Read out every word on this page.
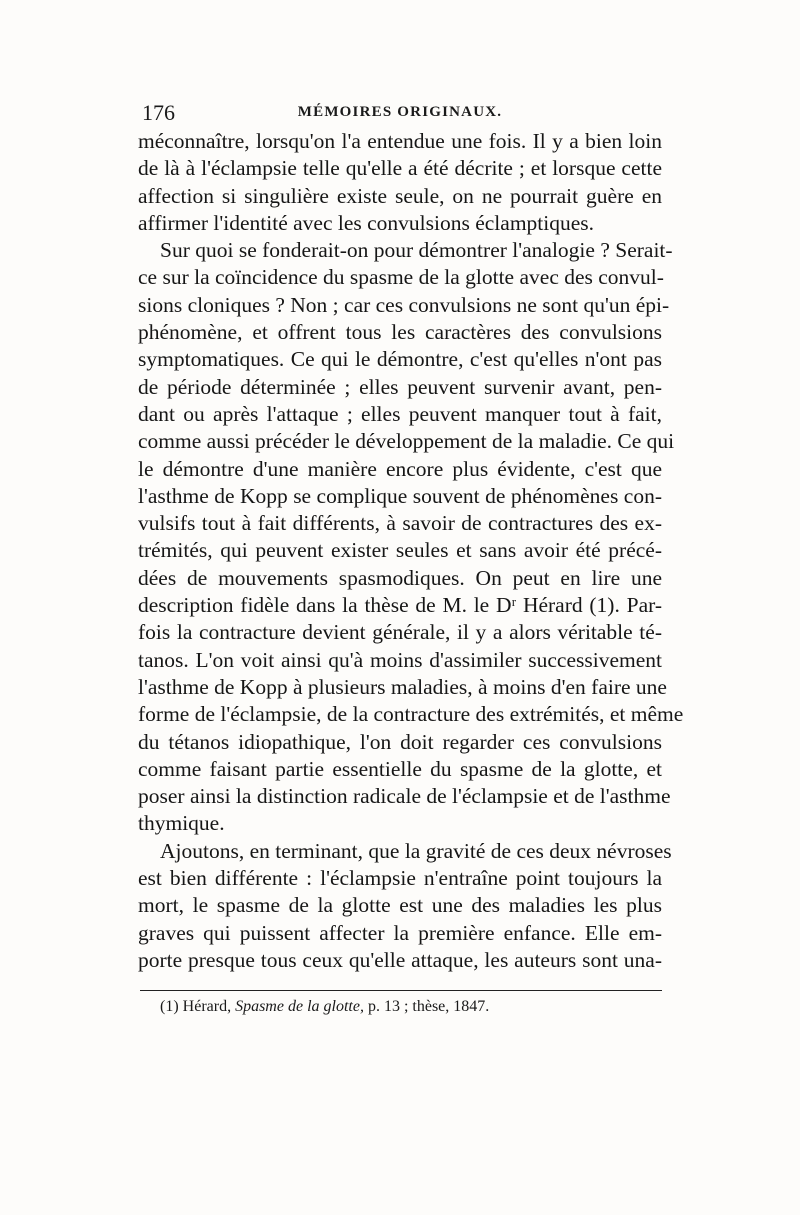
176	MÉMOIRES ORIGINAUX.
méconnaître, lorsqu'on l'a entendue une fois. Il y a bien loin
de là à l'éclampsie telle qu'elle a été décrite ; et lorsque cette
affection si singulière existe seule, on ne pourrait guère en
affirmer l'identité avec les convulsions éclamptiques.
Sur quoi se fonderait-on pour démontrer l'analogie ? Serait-
ce sur la coïncidence du spasme de la glotte avec des convul-
sions cloniques ? Non ; car ces convulsions ne sont qu'un épi-
phénomène, et offrent tous les caractères des convulsions
symptomatiques. Ce qui le démontre, c'est qu'elles n'ont pas
de période déterminée ; elles peuvent survenir avant, pen-
dant ou après l'attaque ; elles peuvent manquer tout à fait,
comme aussi précéder le développement de la maladie. Ce qui
le démontre d'une manière encore plus évidente, c'est que
l'asthme de Kopp se complique souvent de phénomènes con-
vulsifs tout à fait différents, à savoir de contractures des ex-
trémités, qui peuvent exister seules et sans avoir été précé-
dées de mouvements spasmodiques. On peut en lire une
description fidèle dans la thèse de M. le Dʳ Hérard (1). Par-
fois la contracture devient générale, il y a alors véritable té-
tanos. L'on voit ainsi qu'à moins d'assimiler successivement
l'asthme de Kopp à plusieurs maladies, à moins d'en faire une
forme de l'éclampsie, de la contracture des extrémités, et même
du tétanos idiopathique, l'on doit regarder ces convulsions
comme faisant partie essentielle du spasme de la glotte, et
poser ainsi la distinction radicale de l'éclampsie et de l'asthme
thymique.
Ajoutons, en terminant, que la gravité de ces deux névroses
est bien différente : l'éclampsie n'entraîne point toujours la
mort, le spasme de la glotte est une des maladies les plus
graves qui puissent affecter la première enfance. Elle em-
porte presque tous ceux qu'elle attaque, les auteurs sont una-
(1) Hérard, Spasme de la glotte, p. 13 ; thèse, 1847.
